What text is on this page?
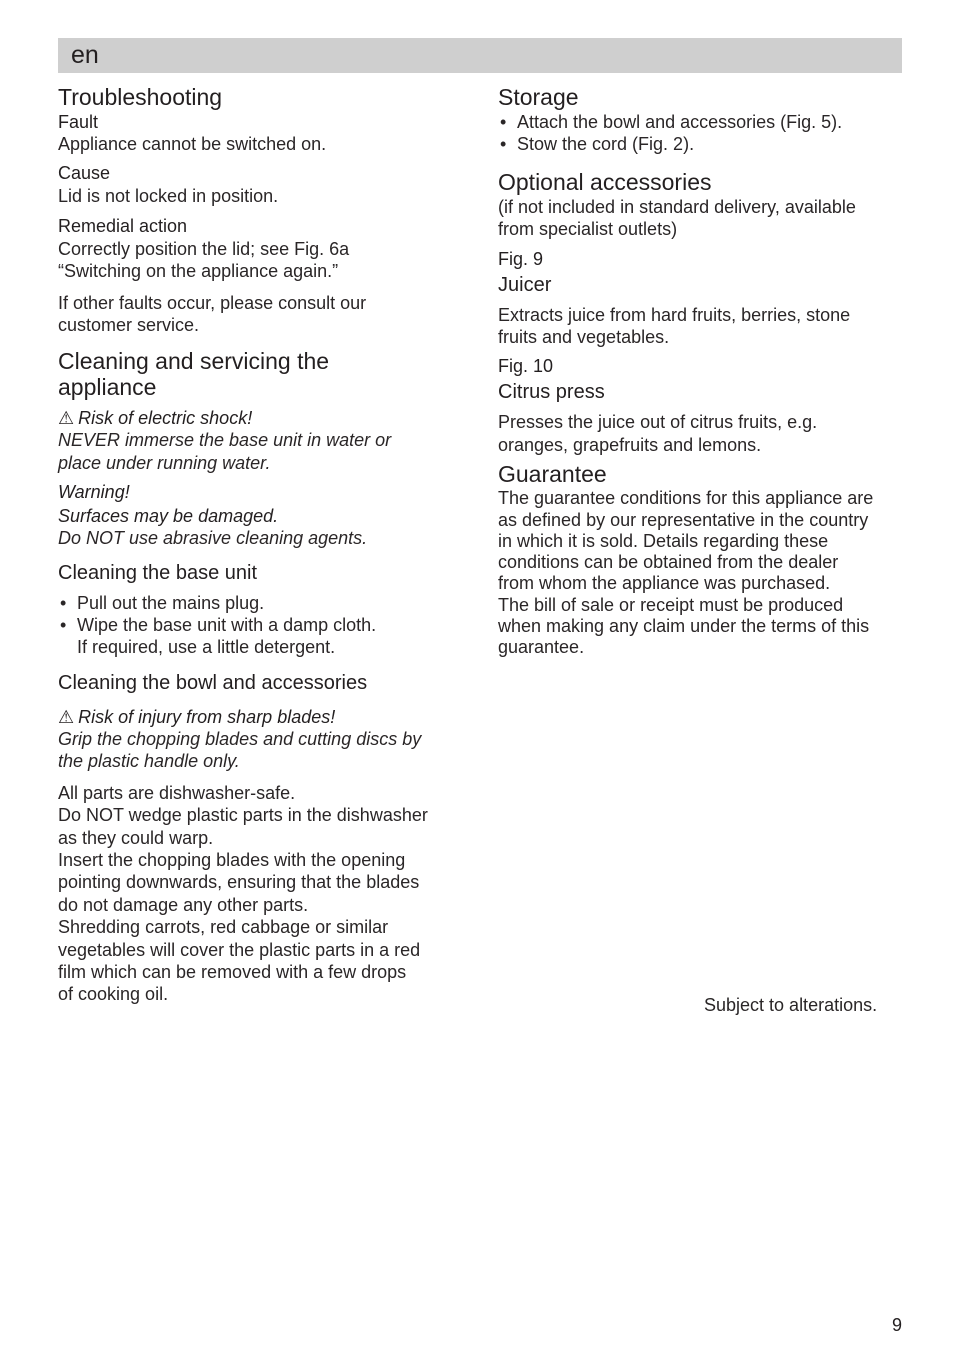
en
Troubleshooting

Fault

Appliance cannot be switched on.

Cause

Lid is not locked in position.

Remedial action

Correctly position the lid; see Fig. 6a

“Switching on the appliance again.”

If other faults occur, please consult our

customer service.

Cleaning and servicing the
appliance

⚠ Risk of electric shock!

NEVER immerse the base unit in water or

place under running water.

Warning!

Surfaces may be damaged.

Do NOT use abrasive cleaning agents.

Cleaning the base unit
• Pull out the mains plug.
• Wipe the base unit with a damp cloth.
If required, use a little detergent.
Cleaning the bowl and accessories

⚠ Risk of injury from sharp blades!

Grip the chopping blades and cutting discs by

the plastic handle only.

All parts are dishwasher-safe.

Do NOT wedge plastic parts in the dishwasher

as they could warp.

Insert the chopping blades with the opening

pointing downwards, ensuring that the blades

do not damage any other parts.

Shredding carrots, red cabbage or similar

vegetables will cover the plastic parts in a red

film which can be removed with a few drops

of cooking oil.

Storage
• Attach the bowl and accessories (Fig. 5).
• Stow the cord (Fig. 2).
Optional accessories

(if not included in standard delivery, available

from specialist outlets)

Fig. 9

Juicer

Extracts juice from hard fruits, berries, stone

fruits and vegetables.

Fig. 10

Citrus press

Presses the juice out of citrus fruits, e.g.

oranges, grapefruits and lemons.

Guarantee

The guarantee conditions for this appliance are

as defined by our representative in the country

in which it is sold. Details regarding these

conditions can be obtained from the dealer

from whom the appliance was purchased.

The bill of sale or receipt must be produced

when making any claim under the terms of this

guarantee.

Subject to alterations.

9
